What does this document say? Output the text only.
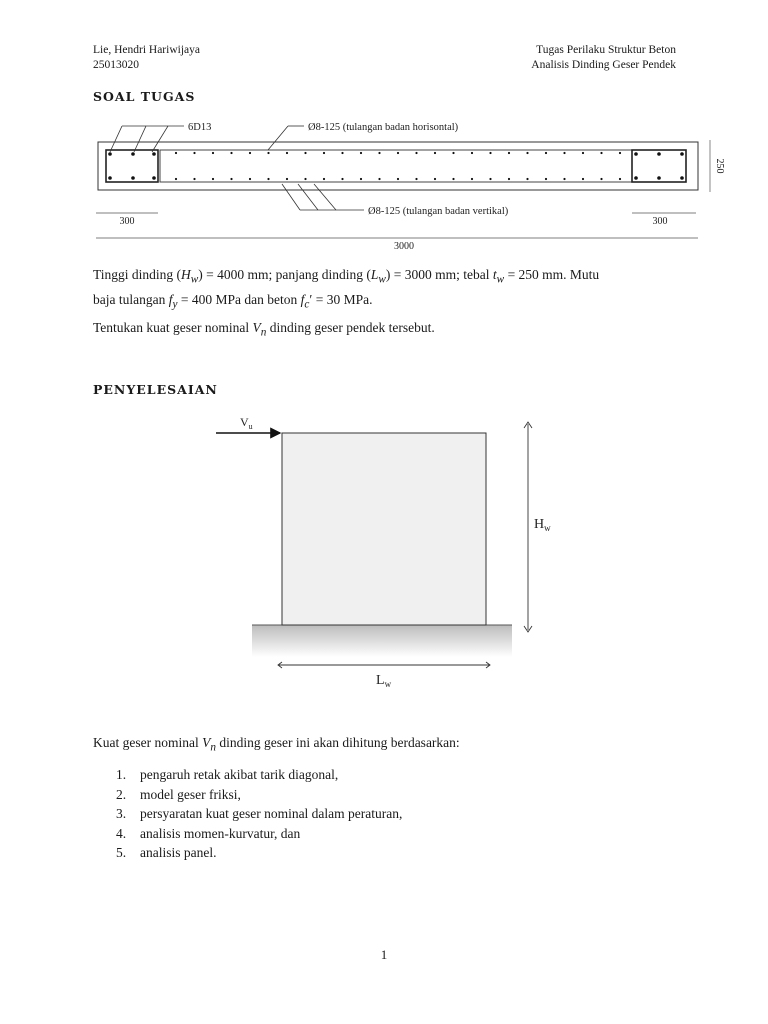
Lie, Hendri Hariwijaya
25013020
Tugas Perilaku Struktur Beton
Analisis Dinding Geser Pendek
SOAL TUGAS
6D13	Ø8-125 (tulangan badan horisontal)
Ø8-125 (tulangan badan vertikal)
300	300
3000
250
Tinggi dinding $(H_w) = 4000$ mm; panjang dinding $(L_w) = 3000$ mm; tebal $t_w = 250$ mm. Mutu
baja tulangan $f_y = 400$ MPa dan beton $f_c' = 30$ MPa.
Tentukan kuat geser nominal $V_n$ dinding geser pendek tersebut.
PENYELESAIAN
$V_u$
$H_w$
$L_w$
Kuat geser nominal $V_n$ dinding geser ini akan dihitung berdasarkan:
1.	pengaruh retak akibat tarik diagonal,
2.	model geser friksi,
3.	persyaratan kuat geser nominal dalam peraturan,
4.	analisis momen-kurvatur, dan
5.	analisis panel.
1
